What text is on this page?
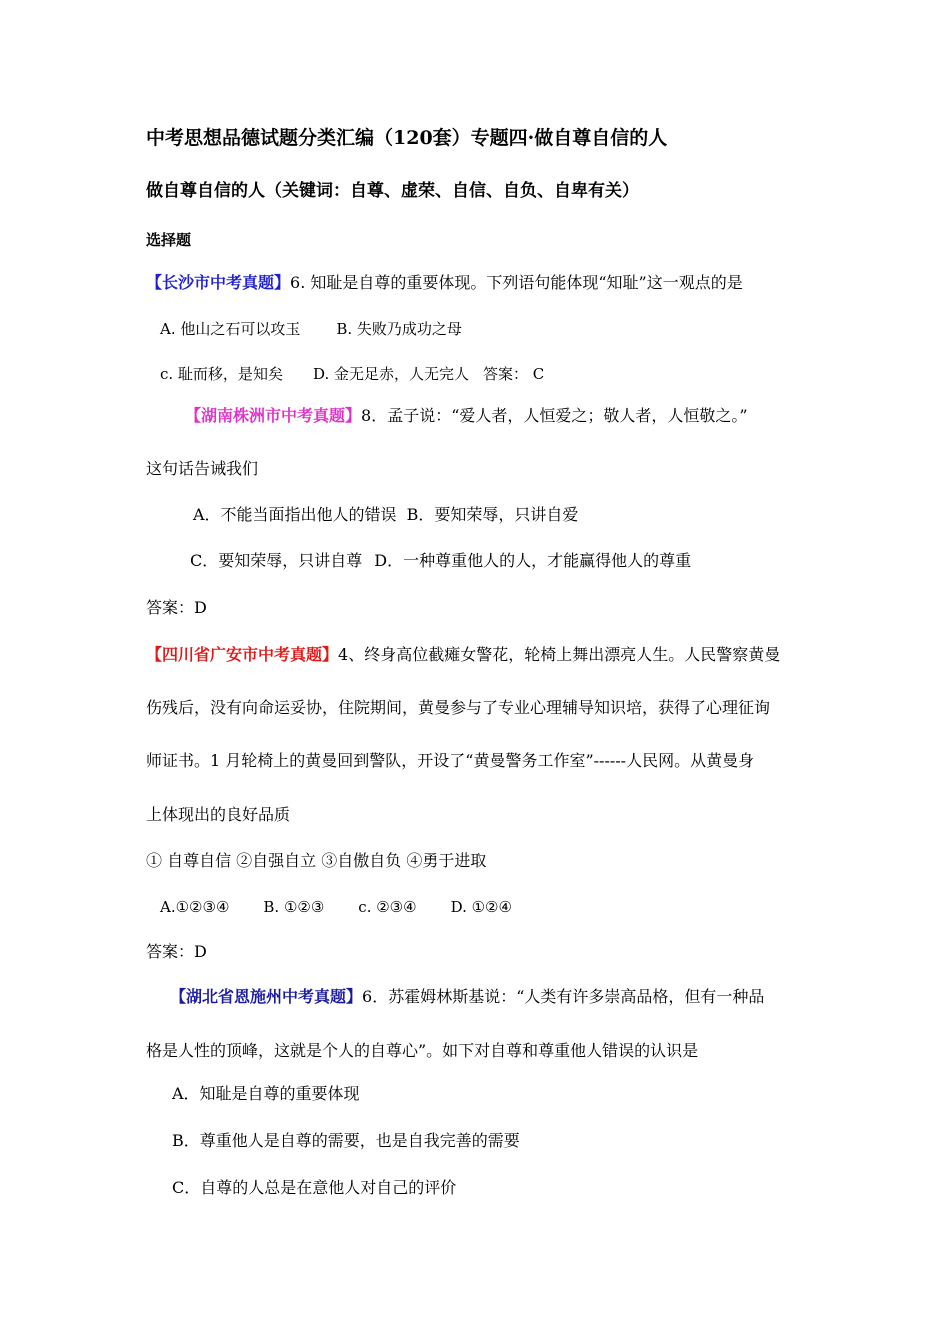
中考思想品德试题分类汇编（120套）专题四·做自尊自信的人
做自尊自信的人（关键词：自尊、虚荣、自信、自负、自卑有关）
选择题
【长沙市中考真题】6. 知耻是自尊的重要体现。下列语句能体现“知耻”这一观点的是
A. 他山之石可以攻玉 B. 失败乃成功之母
c. 耻而移，是知矣 D. 金无足赤，人无完人 答案： C
【湖南株洲市中考真题】8．孟子说：“爱人者，人恒爱之；敬人者，人恒敬之。”
这句话告诫我们
A．不能当面指出他人的错误 B．要知荣辱，只讲自爱
C．要知荣辱，只讲自尊 D．一种尊重他人的人，才能赢得他人的尊重
答案：D
【四川省广安市中考真题】4、终身高位截瘫女警花，轮椅上舞出漂亮人生。人民警察黄曼
伤残后，没有向命运妥协，住院期间，黄曼参与了专业心理辅导知识培，获得了心理征询
师证书。1 月轮椅上的黄曼回到警队，开设了“黄曼警务工作室”------人民网。从黄曼身
上体现出的良好品质
① 自尊自信 ②自强自立 ③自傲自负 ④勇于进取
A.①②③④ B. ①②③ c. ②③④ D. ①②④
答案：D
【湖北省恩施州中考真题】6．苏霍姆林斯基说：“人类有许多崇高品格，但有一种品
格是人性的顶峰，这就是个人的自尊心”。如下对自尊和尊重他人错误的认识是
A．知耻是自尊的重要体现
B．尊重他人是自尊的需要，也是自我完善的需要
C．自尊的人总是在意他人对自己的评价
